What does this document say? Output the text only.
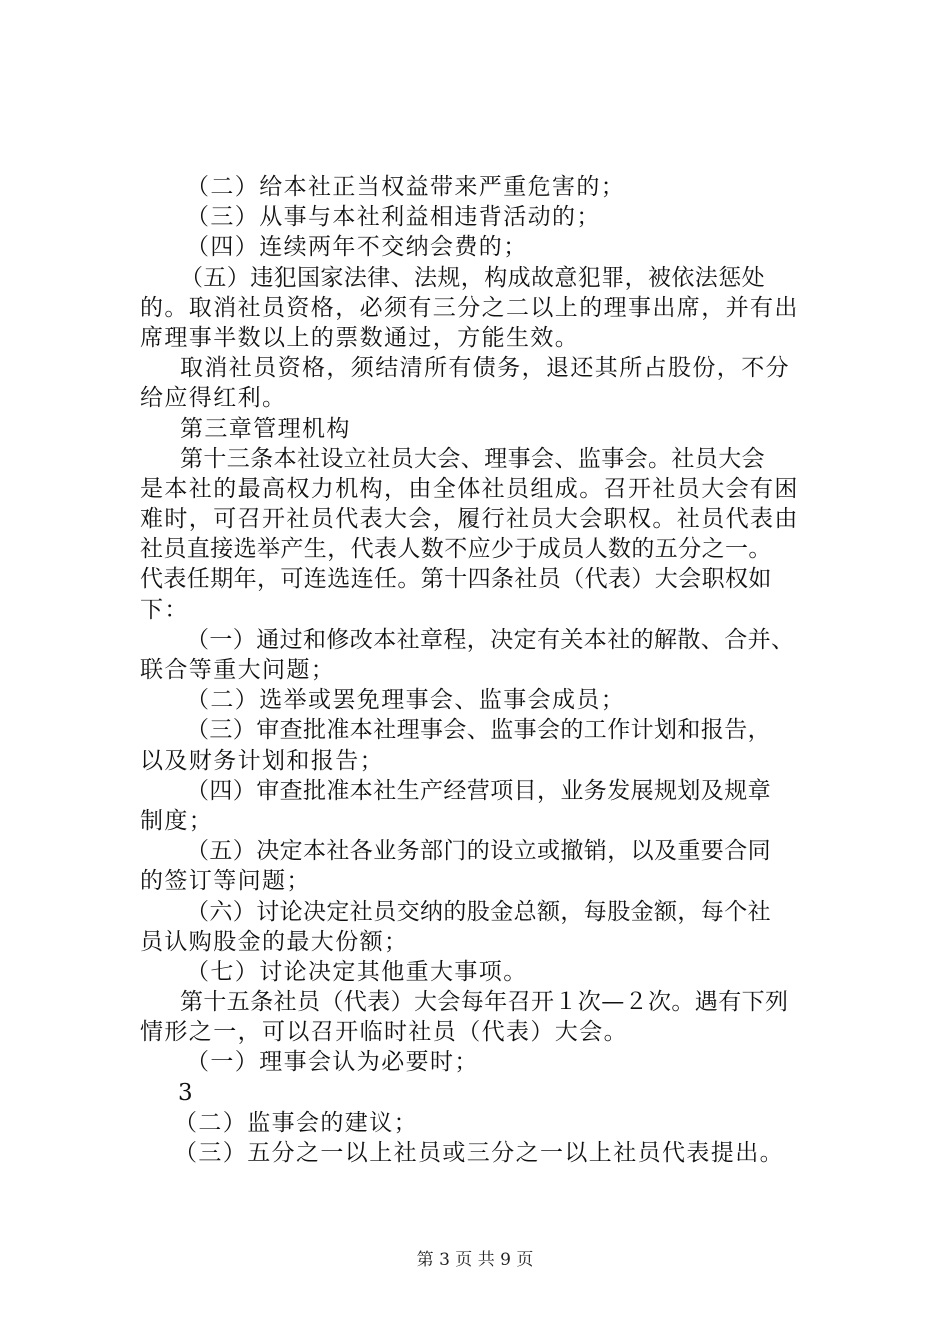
（二）给本社正当权益带来严重危害的；
（三）从事与本社利益相违背活动的；
（四）连续两年不交纳会费的；
（五）违犯国家法律、法规，构成故意犯罪，被依法惩处
的。取消社员资格，必须有三分之二以上的理事出席，并有出
席理事半数以上的票数通过，方能生效。
取消社员资格，须结清所有债务，退还其所占股份，不分
给应得红利。
第三章管理机构
第十三条本社设立社员大会、理事会、监事会。社员大会
是本社的最高权力机构，由全体社员组成。召开社员大会有困
难时，可召开社员代表大会，履行社员大会职权。社员代表由
社员直接选举产生，代表人数不应少于成员人数的五分之一。
代表任期年，可连选连任。第十四条社员（代表）大会职权如
下：
（一）通过和修改本社章程，决定有关本社的解散、合并、
联合等重大问题；
（二）选举或罢免理事会、监事会成员；
（三）审查批准本社理事会、监事会的工作计划和报告，
以及财务计划和报告；
（四）审查批准本社生产经营项目，业务发展规划及规章
制度；
（五）决定本社各业务部门的设立或撤销，以及重要合同
的签订等问题；
（六）讨论决定社员交纳的股金总额，每股金额，每个社
员认购股金的最大份额；
（七）讨论决定其他重大事项。
第十五条社员（代表）大会每年召开１次—２次。遇有下列
情形之一，可以召开临时社员（代表）大会。
（一）理事会认为必要时；
3
（二）监事会的建议；
（三）五分之一以上社员或三分之一以上社员代表提出。
第 3 页 共 9 页
